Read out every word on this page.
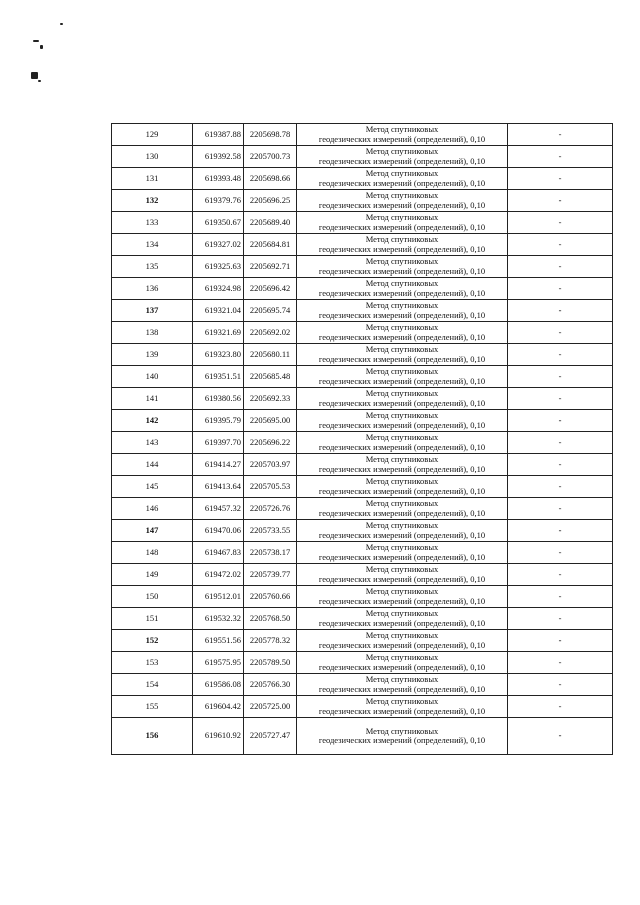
129	619387.88	2205698.78	Метод спутниковых
геодезических измерений (определений), 0,10	-
130	619392.58	2205700.73	Метод спутниковых
геодезических измерений (определений), 0,10	-
131	619393.48	2205698.66	Метод спутниковых
геодезических измерений (определений), 0,10	-
132	619379.76	2205696.25	Метод спутниковых
геодезических измерений (определений), 0,10	-
133	619350.67	2205689.40	Метод спутниковых
геодезических измерений (определений), 0,10	-
134	619327.02	2205684.81	Метод спутниковых
геодезических измерений (определений), 0,10	-
135	619325.63	2205692.71	Метод спутниковых
геодезических измерений (определений), 0,10	-
136	619324.98	2205696.42	Метод спутниковых
геодезических измерений (определений), 0,10	-
137	619321.04	2205695.74	Метод спутниковых
геодезических измерений (определений), 0,10	-
138	619321.69	2205692.02	Метод спутниковых
геодезических измерений (определений), 0,10	-
139	619323.80	2205680.11	Метод спутниковых
геодезических измерений (определений), 0,10	-
140	619351.51	2205685.48	Метод спутниковых
геодезических измерений (определений), 0,10	-
141	619380.56	2205692.33	Метод спутниковых
геодезических измерений (определений), 0,10	-
142	619395.79	2205695.00	Метод спутниковых
геодезических измерений (определений), 0,10	-
143	619397.70	2205696.22	Метод спутниковых
геодезических измерений (определений), 0,10	-
144	619414.27	2205703.97	Метод спутниковых
геодезических измерений (определений), 0,10	-
145	619413.64	2205705.53	Метод спутниковых
геодезических измерений (определений), 0,10	-
146	619457.32	2205726.76	Метод спутниковых
геодезических измерений (определений), 0,10	-
147	619470.06	2205733.55	Метод спутниковых
геодезических измерений (определений), 0,10	-
148	619467.83	2205738.17	Метод спутниковых
геодезических измерений (определений), 0,10	-
149	619472.02	2205739.77	Метод спутниковых
геодезических измерений (определений), 0,10	-
150	619512.01	2205760.66	Метод спутниковых
геодезических измерений (определений), 0,10	-
151	619532.32	2205768.50	Метод спутниковых
геодезических измерений (определений), 0,10	-
152	619551.56	2205778.32	Метод спутниковых
геодезических измерений (определений), 0,10	-
153	619575.95	2205789.50	Метод спутниковых
геодезических измерений (определений), 0,10	-
154	619586.08	2205766.30	Метод спутниковых
геодезических измерений (определений), 0,10	-
155	619604.42	2205725.00	Метод спутниковых
геодезических измерений (определений), 0,10	-
156	619610.92	2205727.47	Метод спутниковых
геодезических измерений (определений), 0,10	-
